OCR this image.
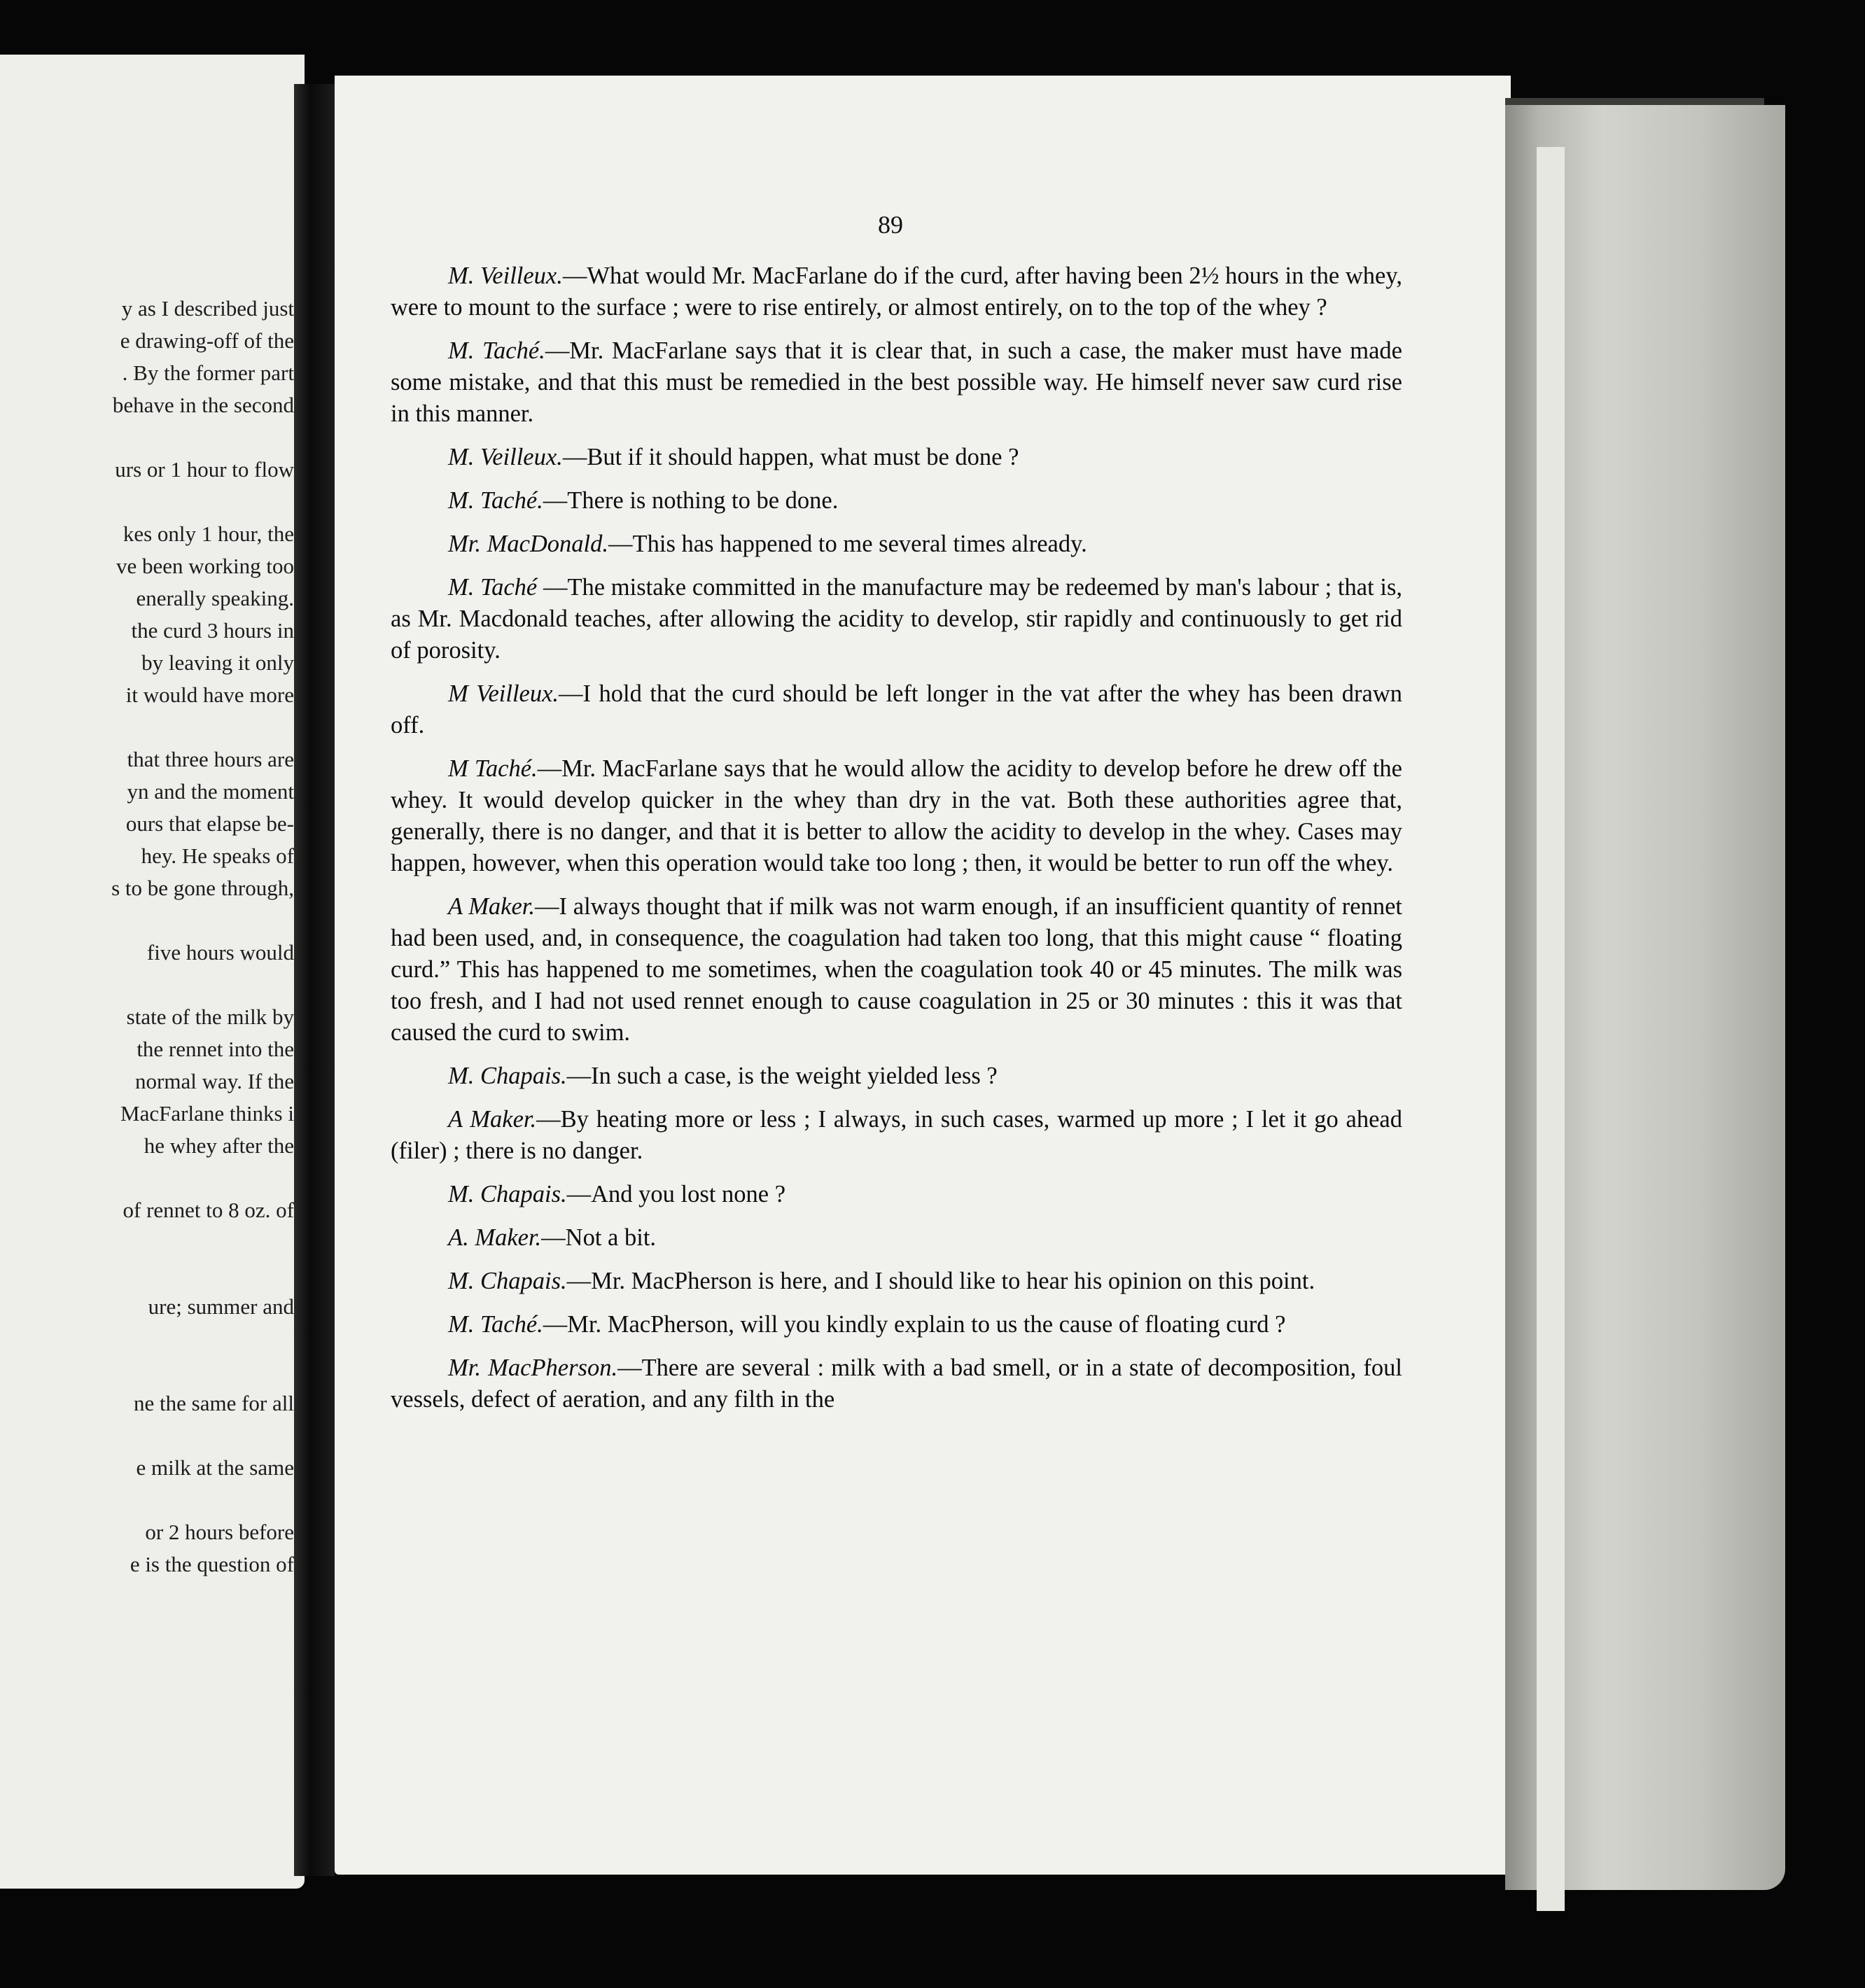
y as I described just
e drawing-off of the
. By the former part
behave in the second
urs or 1 hour to flow
kes only 1 hour, the
ve been working too
enerally speaking.
the curd 3 hours in
by leaving it only
it would have more
that three hours are
yn and the moment
ours that elapse be-
hey. He speaks of
s to be gone through,
five hours would
state of the milk by
the rennet into the
normal way. If the
MacFarlane thinks i
he whey after the
of rennet to 8 oz. of
ure; summer and
ne the same for all
e milk at the same
or 2 hours before
e is the question of
89

M. Veilleux.—What would Mr. MacFarlane do if the curd, after having been 2½ hours in the whey, were to mount to the surface ; were to rise entirely, or almost entirely, on to the top of the whey ?

M. Taché.—Mr. MacFarlane says that it is clear that, in such a case, the maker must have made some mistake, and that this must be remedied in the best possible way. He himself never saw curd rise in this manner.

M. Veilleux.—But if it should happen, what must be done ?

M. Taché.—There is nothing to be done.

Mr. MacDonald.—This has happened to me several times already.

M. Taché —The mistake committed in the manufacture may be redeemed by man's labour ; that is, as Mr. Macdonald teaches, after allowing the acidity to develop, stir rapidly and continuously to get rid of porosity.

M Veilleux.—I hold that the curd should be left longer in the vat after the whey has been drawn off.

M Taché.—Mr. MacFarlane says that he would allow the acidity to develop before he drew off the whey. It would develop quicker in the whey than dry in the vat. Both these authorities agree that, generally, there is no danger, and that it is better to allow the acidity to develop in the whey. Cases may happen, however, when this operation would take too long ; then, it would be better to run off the whey.

A Maker.—I always thought that if milk was not warm enough, if an insufficient quantity of rennet had been used, and, in consequence, the coagulation had taken too long, that this might cause “ floating curd.” This has happened to me sometimes, when the coagulation took 40 or 45 minutes. The milk was too fresh, and I had not used rennet enough to cause coagulation in 25 or 30 minutes : this it was that caused the curd to swim.

M. Chapais.—In such a case, is the weight yielded less ?

A Maker.—By heating more or less ; I always, in such cases, warmed up more ; I let it go ahead (filer) ; there is no danger.

M. Chapais.—And you lost none ?

A. Maker.—Not a bit.

M. Chapais.—Mr. MacPherson is here, and I should like to hear his opinion on this point.

M. Taché.—Mr. MacPherson, will you kindly explain to us the cause of floating curd ?

Mr. MacPherson.—There are several : milk with a bad smell, or in a state of decomposition, foul vessels, defect of aeration, and any filth in the
